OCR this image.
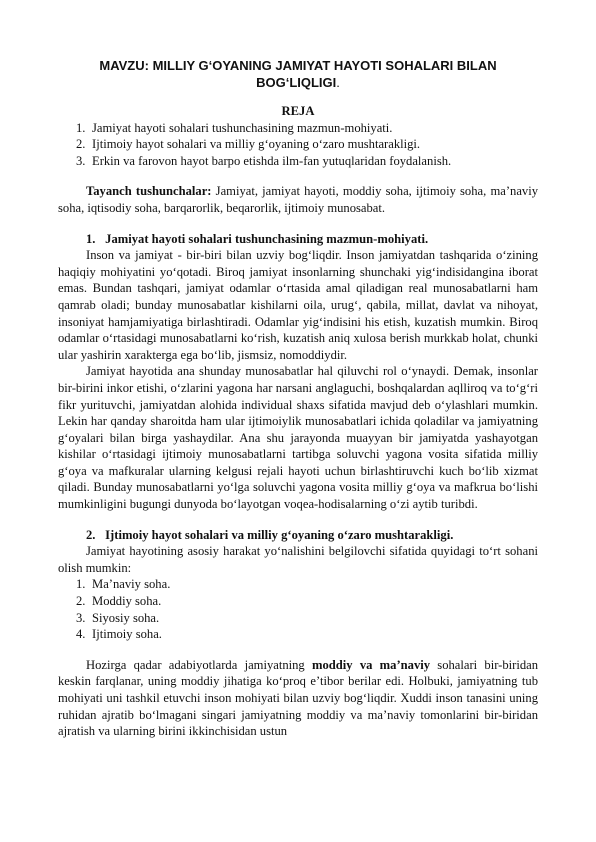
MAVZU: MILLIY G‘OYANING JAMIYAT HAYOTI SOHALARI BILAN
BOG‘LIQLIGI.
REJA
1. Jamiyat hayoti sohalari tushunchasining mazmun-mohiyati.
2. Ijtimoiy hayot sohalari va milliy g‘oyaning o‘zaro mushtarakligi.
3. Erkin va farovon hayot barpo etishda ilm-fan yutuqlaridan foydalanish.

Tayanch tushunchalar: Jamiyat, jamiyat hayoti, moddiy soha, ijtimoiy soha, ma’naviy soha, iqtisodiy soha, barqarorlik, beqarorlik, ijtimoiy munosabat.

1. Jamiyat hayoti sohalari tushunchasining mazmun-mohiyati.

Inson va jamiyat - bir-biri bilan uzviy bog‘liqdir. Inson jamiyatdan tashqarida o‘zining haqiqiy mohiyatini yo‘qotadi. Biroq jamiyat insonlarning shunchaki yig‘indisidangina iborat emas. Bundan tashqari, jamiyat odamlar o‘rtasida amal qiladigan real munosabatlarni ham qamrab oladi; bunday munosabatlar kishilarni oila, urug‘, qabila, millat, davlat va nihoyat, insoniyat hamjamiyatiga birlashtiradi. Odamlar yig‘indisini his etish, kuzatish mumkin. Biroq odamlar o‘rtasidagi munosabatlarni ko‘rish, kuzatish aniq xulosa berish murkkab holat, chunki ular yashirin xarakterga ega bo‘lib, jismsiz, nomoddiydir.

Jamiyat hayotida ana shunday munosabatlar hal qiluvchi rol o‘ynaydi. Demak, insonlar bir-birini inkor etishi, o‘zlarini yagona har narsani anglaguchi, boshqalardan aqlliroq va to‘g‘ri fikr yurituvchi, jamiyatdan alohida individual shaxs sifatida mavjud deb o‘ylashlari mumkin. Lekin har qanday sharoitda ham ular ijtimoiylik munosabatlari ichida qoladilar va jamiyatning g‘oyalari bilan birga yashaydilar. Ana shu jarayonda muayyan bir jamiyatda yashayotgan kishilar o‘rtasidagi ijtimoiy munosabatlarni tartibga soluvchi yagona vosita sifatida milliy g‘oya va mafkuralar ularning kelgusi rejali hayoti uchun birlashtiruvchi kuch bo‘lib xizmat qiladi. Bunday munosabatlarni yo‘lga soluvchi yagona vosita milliy g‘oya va mafkrua bo‘lishi mumkinligini bugungi dunyoda bo‘layotgan voqea-hodisalarning o‘zi aytib turibdi.

2. Ijtimoiy hayot sohalari va milliy g‘oyaning o‘zaro mushtarakligi.

Jamiyat hayotining asosiy harakat yo‘nalishini belgilovchi sifatida quyidagi to‘rt sohani olish mumkin:

1. Ma’naviy soha.
2. Moddiy soha.
3. Siyosiy soha.
4. Ijtimoiy soha.

Hozirga qadar adabiyotlarda jamiyatning moddiy va ma’naviy sohalari bir-biridan keskin farqlanar, uning moddiy jihatiga ko‘proq e’tibor berilar edi. Holbuki, jamiyatning tub mohiyati uni tashkil etuvchi inson mohiyati bilan uzviy bog‘liqdir. Xuddi inson tanasini uning ruhidan ajratib bo‘lmagani singari jamiyatning moddiy va ma’naviy tomonlarini bir-biridan ajratish va ularning birini ikkinchisidan ustun
